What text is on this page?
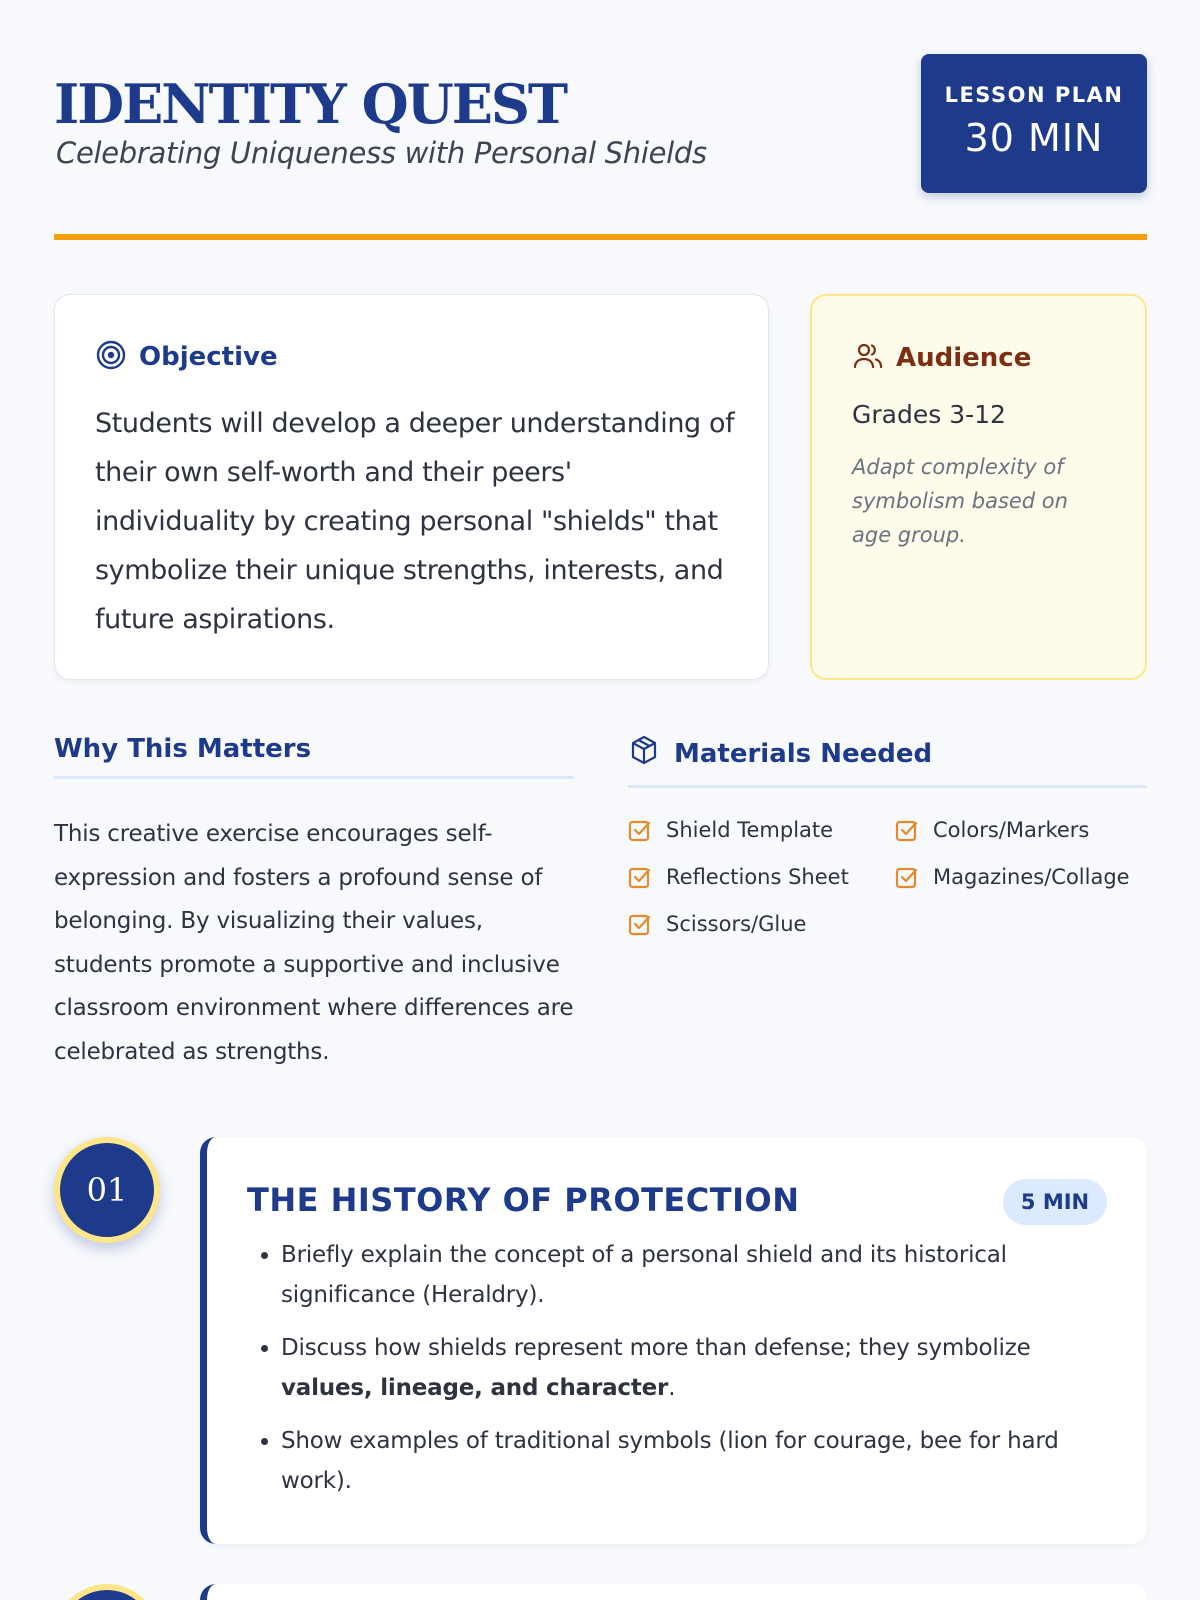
IDENTITY QUEST
Celebrating Uniqueness with Personal Shields
LESSON PLAN
30 MIN
Objective
Students will develop a deeper understanding of their own self-worth and their peers' individuality by creating personal "shields" that symbolize their unique strengths, interests, and future aspirations.
Audience
Grades 3-12
Adapt complexity of symbolism based on age group.
Why This Matters
This creative exercise encourages self-expression and fosters a profound sense of belonging. By visualizing their values, students promote a supportive and inclusive classroom environment where differences are celebrated as strengths.
Materials Needed
Shield Template	Colors/Markers
Reflections Sheet	Magazines/Collage
Scissors/Glue
01	THE HISTORY OF PROTECTION	5 MIN
• Briefly explain the concept of a personal shield and its historical significance (Heraldry).
• Discuss how shields represent more than defense; they symbolize values, lineage, and character.
• Show examples of traditional symbols (lion for courage, bee for hard work).
